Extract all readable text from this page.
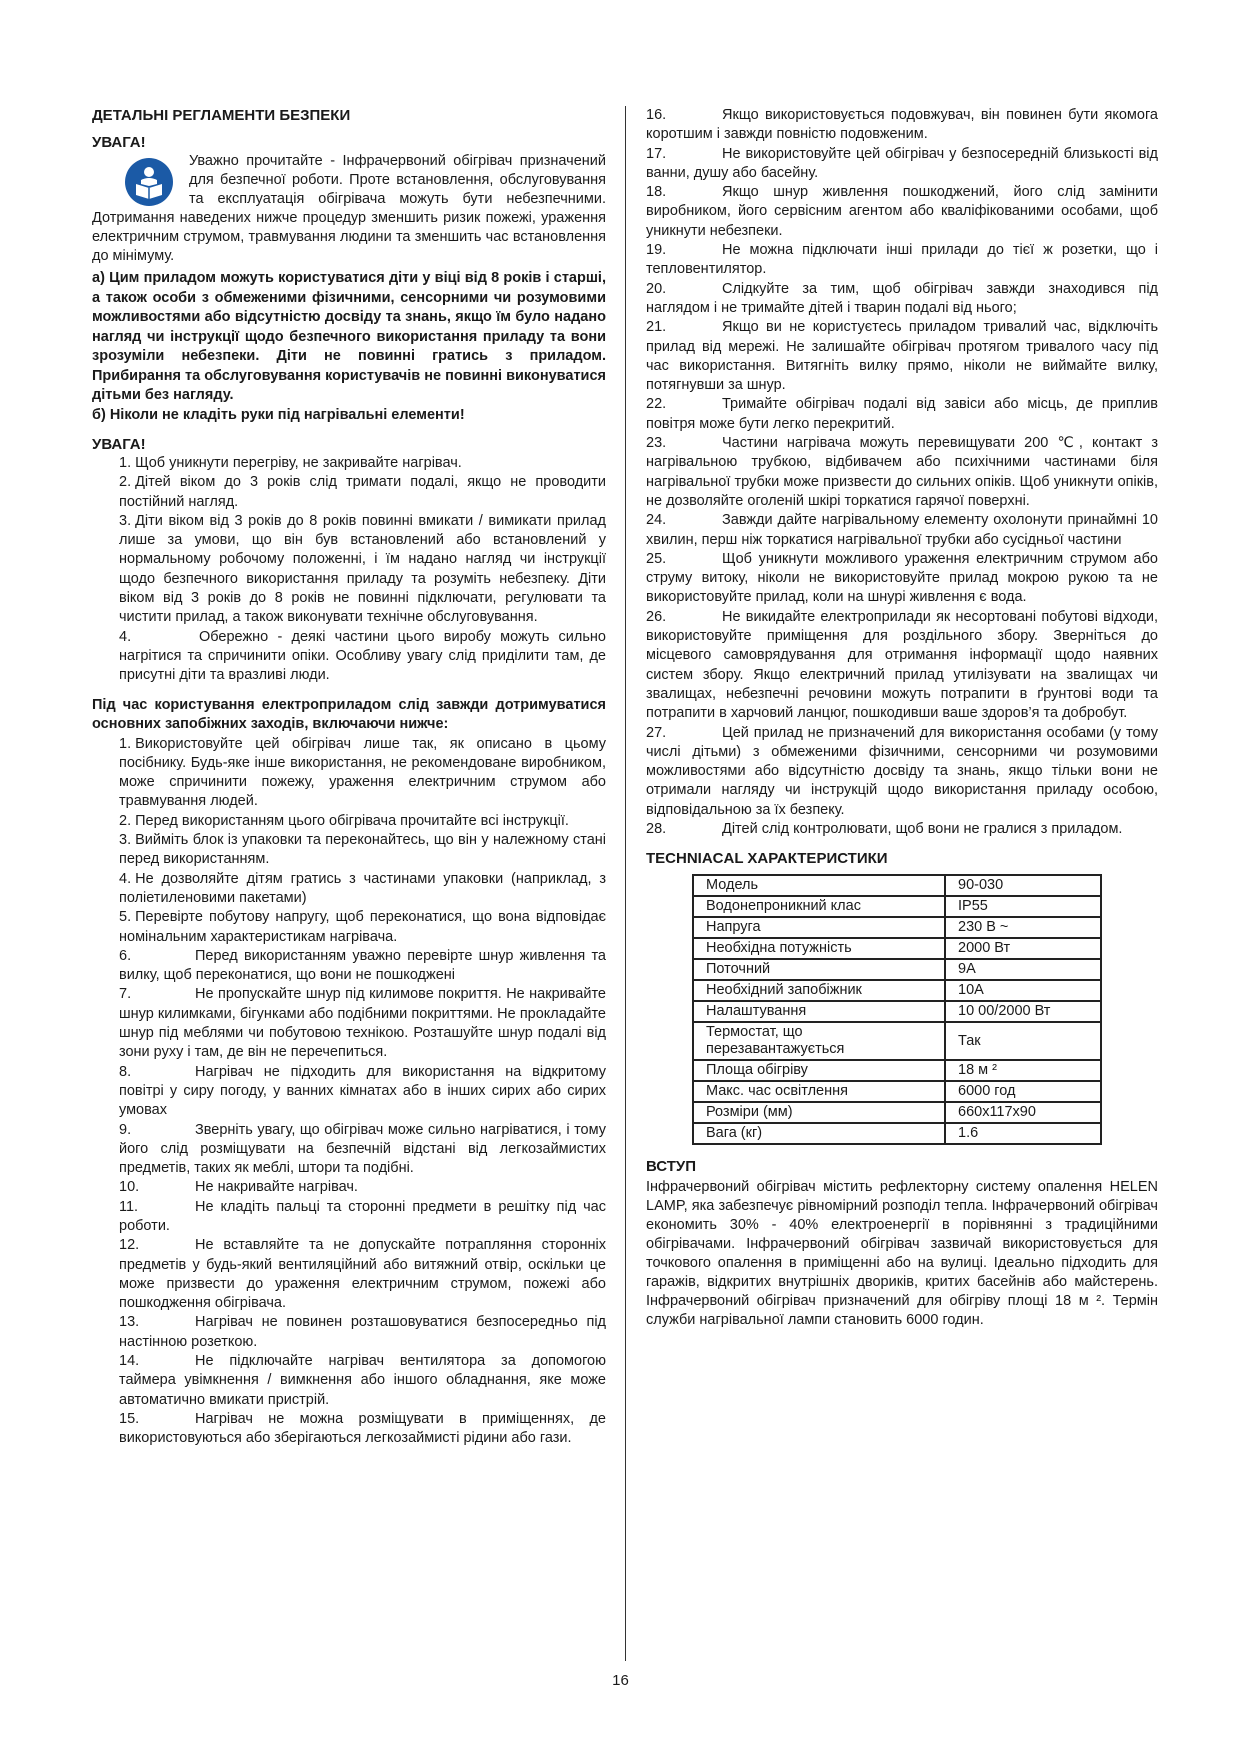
ДЕТАЛЬНІ РЕГЛАМЕНТИ БЕЗПЕКИ

УВАГА!

Уважно прочитайте - Інфрачервоний обігрівач призначений для безпечної роботи. Проте встановлення, обслуговування та експлуатація обігрівача можуть бути небезпечними. Дотримання наведених нижче процедур зменшить ризик пожежі, ураження електричним струмом, травмування людини та зменшить час встановлення до мінімуму.

а) Цим приладом можуть користуватися діти у віці від 8 років і старші, а також особи з обмеженими фізичними, сенсорними чи розумовими можливостями або відсутністю досвіду та знань, якщо їм було надано нагляд чи інструкції щодо безпечного використання приладу та вони зрозуміли небезпеки. Діти не повинні гратись з приладом. Прибирання та обслуговування користувачів не повинні виконуватися дітьми без нагляду.

б) Ніколи не кладіть руки під нагрівальні елементи!

УВАГА!

1. Щоб уникнути перегріву, не закривайте нагрівач.
2. Дітей віком до 3 років слід тримати подалі, якщо не проводити постійний нагляд.
3. Діти віком від 3 років до 8 років повинні вмикати / вимикати прилад лише за умови, що він був встановлений або встановлений у нормальному робочому положенні, і їм надано нагляд чи інструкції щодо безпечного використання приладу та розуміть небезпеку. Діти віком від 3 років до 8 років не повинні підключати, регулювати та чистити прилад, а також виконувати технічне обслуговування.
4.	Обережно - деякі частини цього виробу можуть сильно нагрітися та спричинити опіки. Особливу увагу слід приділити там, де присутні діти та вразливі люди.

Під час користування електроприладом слід завжди дотримуватися основних запобіжних заходів, включаючи нижче:

1. Використовуйте цей обігрівач лише так, як описано в цьому посібнику. Будь-яке інше використання, не рекомендоване виробником, може спричинити пожежу, ураження електричним струмом або травмування людей.
2. Перед використанням цього обігрівача прочитайте всі інструкції.
3. Вийміть блок із упаковки та переконайтесь, що він у належному стані перед використанням.
4. Не дозволяйте дітям гратись з частинами упаковки (наприклад, з поліетиленовими пакетами)
5. Перевірте побутову напругу, щоб переконатися, що вона відповідає номінальним характеристикам нагрівача.
6.	Перед використанням уважно перевірте шнур живлення та вилку, щоб переконатися, що вони не пошкоджені
7.	Не пропускайте шнур під килимове покриття. Не накривайте шнур килимками, бігунками або подібними покриттями. Не прокладайте шнур під меблями чи побутовою технікою. Розташуйте шнур подалі від зони руху і там, де він не перечепиться.
8.	Нагрівач не підходить для використання на відкритому повітрі у сиру погоду, у ванних кімнатах або в інших сирих або сирих умовах
9.	Зверніть увагу, що обігрівач може сильно нагріватися, і тому його слід розміщувати на безпечній відстані від легкозаймистих предметів, таких як меблі, штори та подібні.
10.	Не накривайте нагрівач.
11.	Не кладіть пальці та сторонні предмети в решітку під час роботи.
12.	Не вставляйте та не допускайте потрапляння сторонніх предметів у будь-який вентиляційний або витяжний отвір, оскільки це може призвести до ураження електричним струмом, пожежі або пошкодження обігрівача.
13.	Нагрівач не повинен розташовуватися безпосередньо під настінною розеткою.
14.	Не підключайте нагрівач вентилятора за допомогою таймера увімкнення / вимкнення або іншого обладнання, яке може автоматично вмикати пристрій.
15.	Нагрівач не можна розміщувати в приміщеннях, де використовуються або зберігаються легкозаймисті рідини або гази.
16.	Якщо використовується подовжувач, він повинен бути якомога коротшим і завжди повністю подовженим.
17.	Не використовуйте цей обігрівач у безпосередній близькості від ванни, душу або басейну.
18.	Якщо шнур живлення пошкоджений, його слід замінити виробником, його сервісним агентом або кваліфікованими особами, щоб уникнути небезпеки.
19.	Не можна підключати інші прилади до тієї ж розетки, що і тепловентилятор.
20.	Слідкуйте за тим, щоб обігрівач завжди знаходився під наглядом і не тримайте дітей і тварин подалі від нього;
21.	Якщо ви не користуєтесь приладом тривалий час, відключіть прилад від мережі. Не залишайте обігрівач протягом тривалого часу під час використання. Витягніть вилку прямо, ніколи не виймайте вилку, потягнувши за шнур.
22.	Тримайте обігрівач подалі від завіси або місць, де приплив повітря може бути легко перекритий.
23.	Частини нагрівача можуть перевищувати 200 ℃, контакт з нагрівальною трубкою, відбивачем або психічними частинами біля нагрівальної трубки може призвести до сильних опіків. Щоб уникнути опіків, не дозволяйте оголеній шкірі торкатися гарячої поверхні.
24.	Завжди дайте нагрівальному елементу охолонути принаймні 10 хвилин, перш ніж торкатися нагрівальної трубки або сусідньої частини
25.	Щоб уникнути можливого ураження електричним струмом або струму витоку, ніколи не використовуйте прилад мокрою рукою та не використовуйте прилад, коли на шнурі живлення є вода.
26.	Не викидайте електроприлади як несортовані побутові відходи, використовуйте приміщення для роздільного збору. Зверніться до місцевого самоврядування для отримання інформації щодо наявних систем збору. Якщо електричний прилад утилізувати на звалищах чи звалищах, небезпечні речовини можуть потрапити в ґрунтові води та потрапити в харчовий ланцюг, пошкодивши ваше здоров’я та добробут.
27.	Цей прилад не призначений для використання особами (у тому числі дітьми) з обмеженими фізичними, сенсорними чи розумовими можливостями або відсутністю досвіду та знань, якщо тільки вони не отримали нагляду чи інструкцій щодо використання приладу особою, відповідальною за їх безпеку.
28.	Дітей слід контролювати, щоб вони не гралися з приладом.

TECHNIACAL ХАРАКТЕРИСТИКИ

Модель	90-030
Водонепроникний клас	IP55
Напруга	230 В ~
Необхідна потужність	2000 Вт
Поточний	9А
Необхідний запобіжник	10А
Налаштування	10 00/2000 Вт
Термостат, що перезавантажується	Так
Площа обігріву	18 м ²
Макс. час освітлення	6000 год
Розміри (мм)	660х117х90
Вага (кг)	1.6

ВСТУП

Інфрачервоний обігрівач містить рефлекторну систему опалення HELEN LAMP, яка забезпечує рівномірний розподіл тепла. Інфрачервоний обігрівач економить 30% - 40% електроенергії в порівнянні з традиційними обігрівачами. Інфрачервоний обігрівач зазвичай використовується для точкового опалення в приміщенні або на вулиці. Ідеально підходить для гаражів, відкритих внутрішніх двориків, критих басейнів або майстерень. Інфрачервоний обігрівач призначений для обігріву площі 18 м ². Термін служби нагрівальної лампи становить 6000 годин.

16
